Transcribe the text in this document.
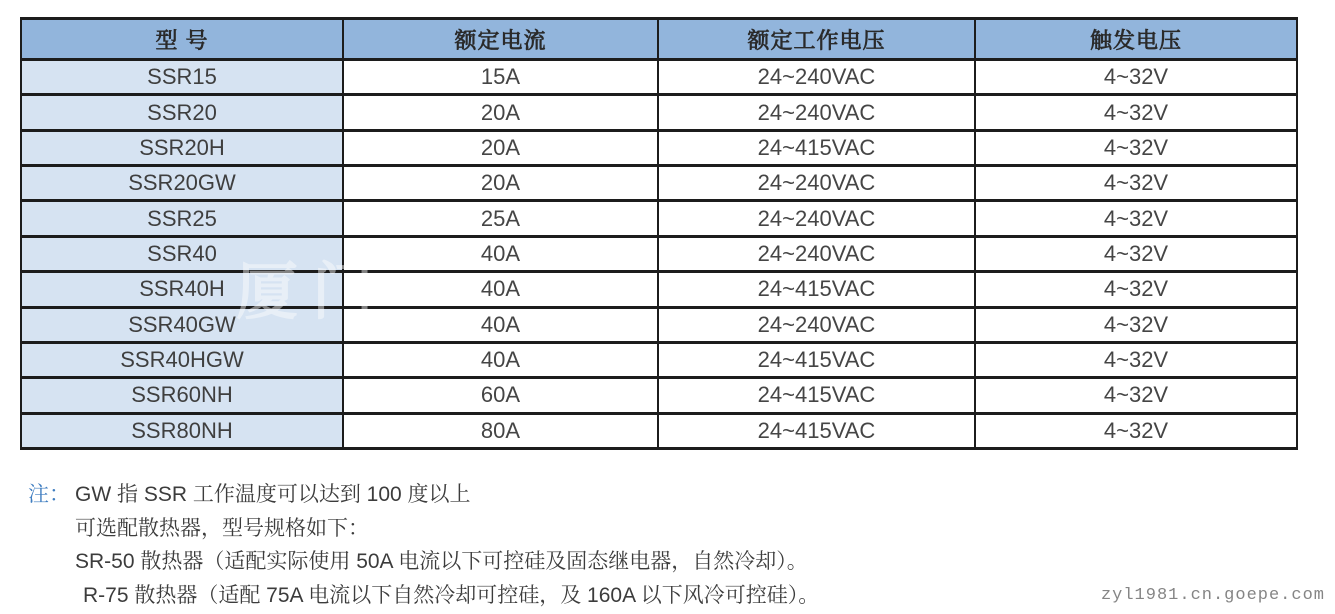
厦门
型 号	额定电流	额定工作电压	触发电压
SSR15	15A	24~240VAC	4~32V
SSR20	20A	24~240VAC	4~32V
SSR20H	20A	24~415VAC	4~32V
SSR20GW	20A	24~240VAC	4~32V
SSR25	25A	24~240VAC	4~32V
SSR40	40A	24~240VAC	4~32V
SSR40H	40A	24~415VAC	4~32V
SSR40GW	40A	24~240VAC	4~32V
SSR40HGW	40A	24~415VAC	4~32V
SSR60NH	60A	24~415VAC	4~32V
SSR80NH	80A	24~415VAC	4~32V
注： GW 指 SSR 工作温度可以达到 100 度以上
可选配散热器，型号规格如下：
SR-50 散热器（适配实际使用 50A 电流以下可控硅及固态继电器，自然冷却）。
R-75 散热器（适配 75A 电流以下自然冷却可控硅，及 160A 以下风冷可控硅）。	zyl1981.cn.goepe.com
